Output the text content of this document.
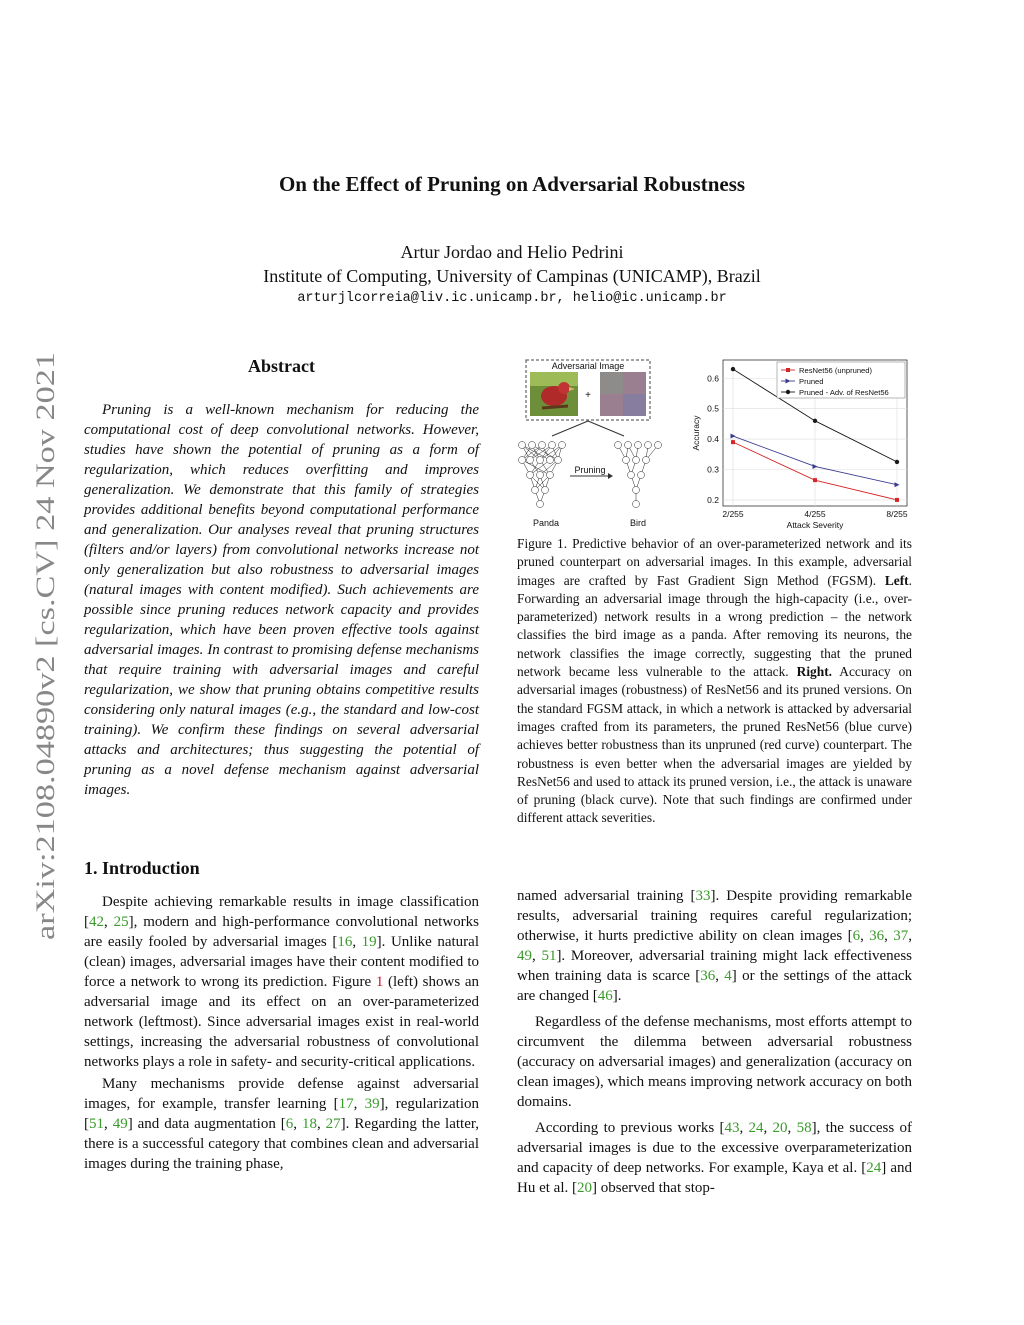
On the Effect of Pruning on Adversarial Robustness
Artur Jordao and Helio Pedrini
Institute of Computing, University of Campinas (UNICAMP), Brazil
arturjlcorreia@liv.ic.unicamp.br, helio@ic.unicamp.br
arXiv:2108.04890v2 [cs.CV] 24 Nov 2021
Abstract

Pruning is a well-known mechanism for reducing the computational cost of deep convolutional networks. However, studies have shown the potential of pruning as a form of regularization, which reduces overfitting and improves generalization. We demonstrate that this family of strategies provides additional benefits beyond computational performance and generalization. Our analyses reveal that pruning structures (filters and/or layers) from convolutional networks increase not only generalization but also robustness to adversarial images (natural images with content modified). Such achievements are possible since pruning reduces network capacity and provides regularization, which have been proven effective tools against adversarial images. In contrast to promising defense mechanisms that require training with adversarial images and careful regularization, we show that pruning obtains competitive results considering only natural images (e.g., the standard and low-cost training). We confirm these findings on several adversarial attacks and architectures; thus suggesting the potential of pruning as a novel defense mechanism against adversarial images.

1. Introduction

Despite achieving remarkable results in image classification [42, 25], modern and high-performance convolutional networks are easily fooled by adversarial images [16, 19]. Unlike natural (clean) images, adversarial images have their content modified to force a network to wrong its prediction. Figure 1 (left) shows an adversarial image and its effect on an over-parameterized network (leftmost). Since adversarial images exist in real-world settings, increasing the adversarial robustness of convolutional networks plays a role in safety- and security-critical applications.

Many mechanisms provide defense against adversarial images, for example, transfer learning [17, 39], regularization [51, 49] and data augmentation [6, 18, 27]. Regarding the latter, there is a successful category that combines clean and adversarial images during the training phase,

Adversarial Image
+
Pruning
Panda	Bird
0.2
0.3
0.4
0.5
0.6
2/255	4/255	8/255
Attack Severity
Accuracy
ResNet56 (unpruned)
Pruned
Pruned - Adv. of ResNet56
Figure 1. Predictive behavior of an over-parameterized network and its pruned counterpart on adversarial images. In this example, adversarial images are crafted by Fast Gradient Sign Method (FGSM). Left. Forwarding an adversarial image through the high-capacity (i.e., over-parameterized) network results in a wrong prediction – the network classifies the bird image as a panda. After removing its neurons, the network classifies the image correctly, suggesting that the pruned network became less vulnerable to the attack. Right. Accuracy on adversarial images (robustness) of ResNet56 and its pruned versions. On the standard FGSM attack, in which a network is attacked by adversarial images crafted from its parameters, the pruned ResNet56 (blue curve) achieves better robustness than its unpruned (red curve) counterpart. The robustness is even better when the adversarial images are yielded by ResNet56 and used to attack its pruned version, i.e., the attack is unaware of pruning (black curve). Note that such findings are confirmed under different attack severities.

named adversarial training [33]. Despite providing remarkable results, adversarial training requires careful regularization; otherwise, it hurts predictive ability on clean images [6, 36, 37, 49, 51]. Moreover, adversarial training might lack effectiveness when training data is scarce [36, 4] or the settings of the attack are changed [46].

Regardless of the defense mechanisms, most efforts attempt to circumvent the dilemma between adversarial robustness (accuracy on adversarial images) and generalization (accuracy on clean images), which means improving network accuracy on both domains.

According to previous works [43, 24, 20, 58], the success of adversarial images is due to the excessive overparameterization and capacity of deep networks. For example, Kaya et al. [24] and Hu et al. [20] observed that stop-
